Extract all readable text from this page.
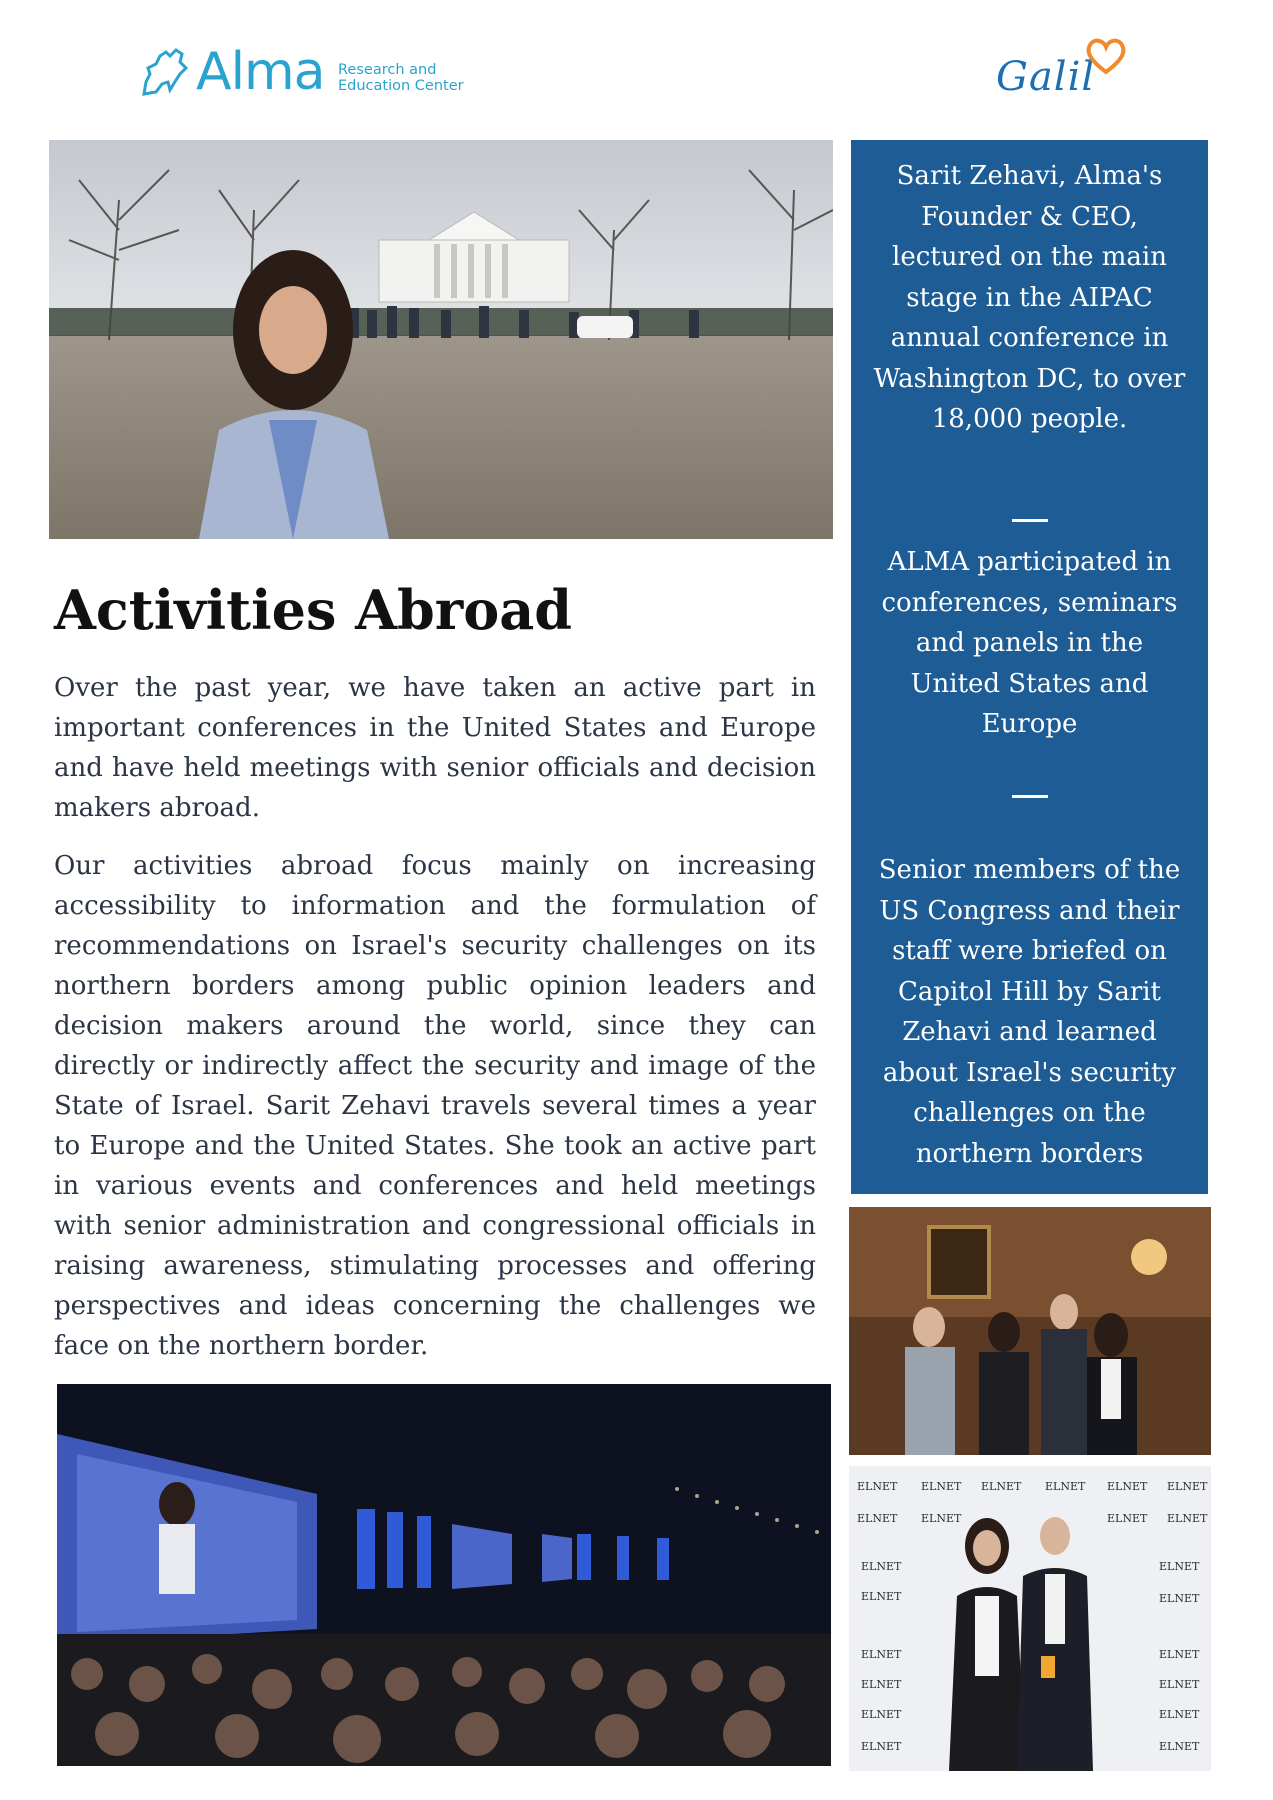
Alma Research and
Education Center	Galil
Sarit Zehavi, Alma's Founder & CEO, lectured on the main stage in the AIPAC annual conference in Washington DC, to over 18,000 people.
ALMA participated in conferences, seminars and panels in the United States and Europe
Senior members of the US Congress and their staff were briefed on Capitol Hill by Sarit Zehavi and learned about Israel's security challenges on the northern borders
Activities Abroad

Over the past year, we have taken an active part in important conferences in the United States and Europe and have held meetings with senior officials and decision makers abroad.

Our activities abroad focus mainly on increasing accessibility to information and the formulation of recommendations on Israel's security challenges on its northern borders among public opinion leaders and decision makers around the world, since they can directly or indirectly affect the security and image of the State of Israel. Sarit Zehavi travels several times a year to Europe and the United States. She took an active part in various events and conferences and held meetings with senior administration and congressional officials in raising awareness, stimulating processes and offering perspectives and ideas concerning the challenges we face on the northern border.

ELNET ELNET ELNET ELNET ELNET ELNET
ELNET ELNET	ELNET ELNET
ELNET	ELNET
ELNET	ELNET
ELNET	ELNET
ELNET	ELNET
ELNET	ELNET
ELNET	ELNET
